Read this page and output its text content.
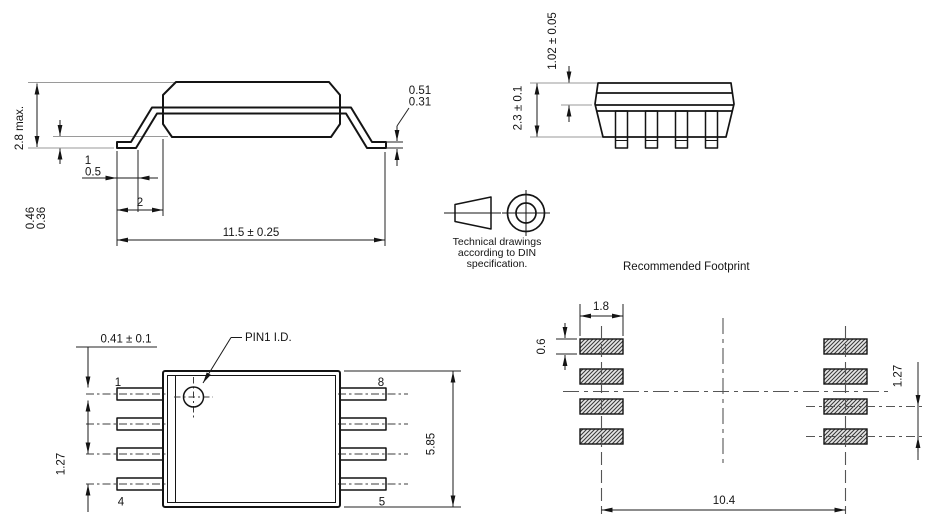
2.8 max.
0.46 0.36
1
0.5
2
11.5 ± 0.25
0.51
0.31
1.02 ± 0.05
2.3 ± 0.1
Technical drawings
according to DIN
specification.	Recommended Footprint
0.41 ± 0.1	PIN1 I.D.
1	8
4	5
1.27
5.85
1.8
0.6
1.27
10.4
